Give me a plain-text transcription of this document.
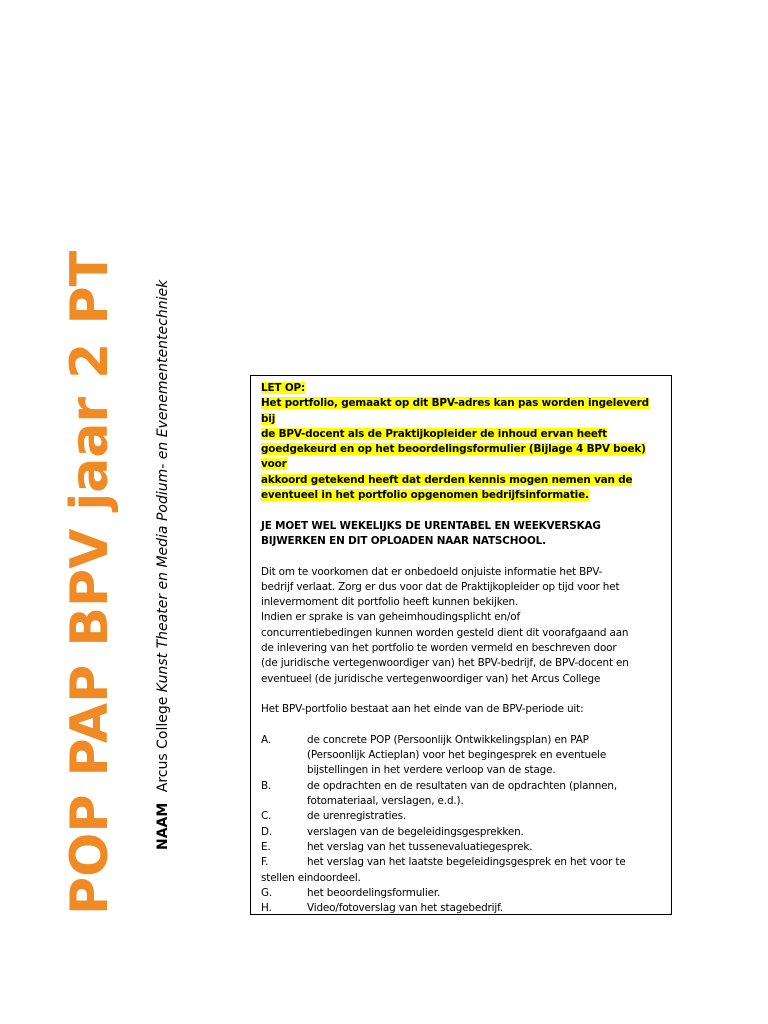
POP PAP BPV jaar 2 PT	NAAM Arcus College Kunst Theater en Media Podium- en Evenemententechniek	LET OP:

Het portfolio, gemaakt op dit BPV-adres kan pas worden ingeleverd bij

de BPV-docent als de Praktijkopleider de inhoud ervan heeft

goedgekeurd en op het beoordelingsformulier (Bijlage 4 BPV boek) voor

akkoord getekend heeft dat derden kennis mogen nemen van de

eventueel in het portfolio opgenomen bedrijfsinformatie.

JE MOET WEL WEKELIJKS DE URENTABEL EN WEEKVERSKAG

BIJWERKEN EN DIT OPLOADEN NAAR NATSCHOOL.

Dit om te voorkomen dat er onbedoeld onjuiste informatie het BPV-

bedrijf verlaat. Zorg er dus voor dat de Praktijkopleider op tijd voor het

inlevermoment dit portfolio heeft kunnen bekijken.

Indien er sprake is van geheimhoudingsplicht en/of

concurrentiebedingen kunnen worden gesteld dient dit voorafgaand aan

de inlevering van het portfolio te worden vermeld en beschreven door

(de juridische vertegenwoordiger van) het BPV-bedrijf, de BPV-docent en

eventueel (de juridische vertegenwoordiger van) het Arcus College

Het BPV-portfolio bestaat aan het einde van de BPV-periode uit:

A.	de concrete POP (Persoonlijk Ontwikkelingsplan) en PAP

(Persoonlijk Actieplan) voor het begingesprek en eventuele

bijstellingen in het verdere verloop van de stage.

B.	de opdrachten en de resultaten van de opdrachten (plannen,

fotomateriaal, verslagen, e.d.).

C.	de urenregistraties.

D.	verslagen van de begeleidingsgesprekken.

E.	het verslag van het tussenevaluatiegesprek.

F.	het verslag van het laatste begeleidingsgesprek en het voor te

stellen eindoordeel.

G.	het beoordelingsformulier.

H.	Video/fotoverslag van het stagebedrijf.
